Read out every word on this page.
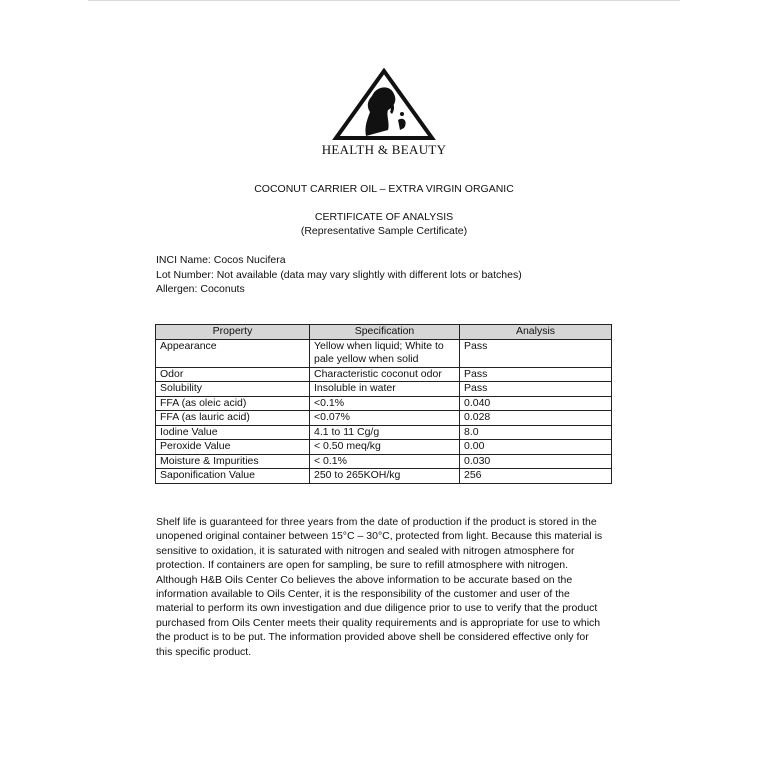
HEALTH & BEAUTY
COCONUT CARRIER OIL – EXTRA VIRGIN ORGANIC
CERTIFICATE OF ANALYSIS
(Representative Sample Certificate)
INCI Name: Cocos Nucifera
Lot Number: Not available (data may vary slightly with different lots or batches)
Allergen: Coconuts
Property	Specification	Analysis
Appearance	Yellow when liquid; White to pale yellow when solid	Pass
Odor	Characteristic coconut odor	Pass
Solubility	Insoluble in water	Pass
FFA (as oleic acid)	<0.1%	0.040
FFA (as lauric acid)	<0.07%	0.028
Iodine Value	4.1 to 11 Cg/g	8.0
Peroxide Value	< 0.50 meq/kg	0.00
Moisture & Impurities	< 0.1%	0.030
Saponification Value	250 to 265KOH/kg	256
Shelf life is guaranteed for three years from the date of production if the product is stored in the unopened original container between 15°C – 30°C, protected from light. Because this material is sensitive to oxidation, it is saturated with nitrogen and sealed with nitrogen atmosphere for protection. If containers are open for sampling, be sure to refill atmosphere with nitrogen. Although H&B Oils Center Co believes the above information to be accurate based on the information available to Oils Center, it is the responsibility of the customer and user of the material to perform its own investigation and due diligence prior to use to verify that the product purchased from Oils Center meets their quality requirements and is appropriate for use to which the product is to be put. The information provided above shell be considered effective only for this specific product.
